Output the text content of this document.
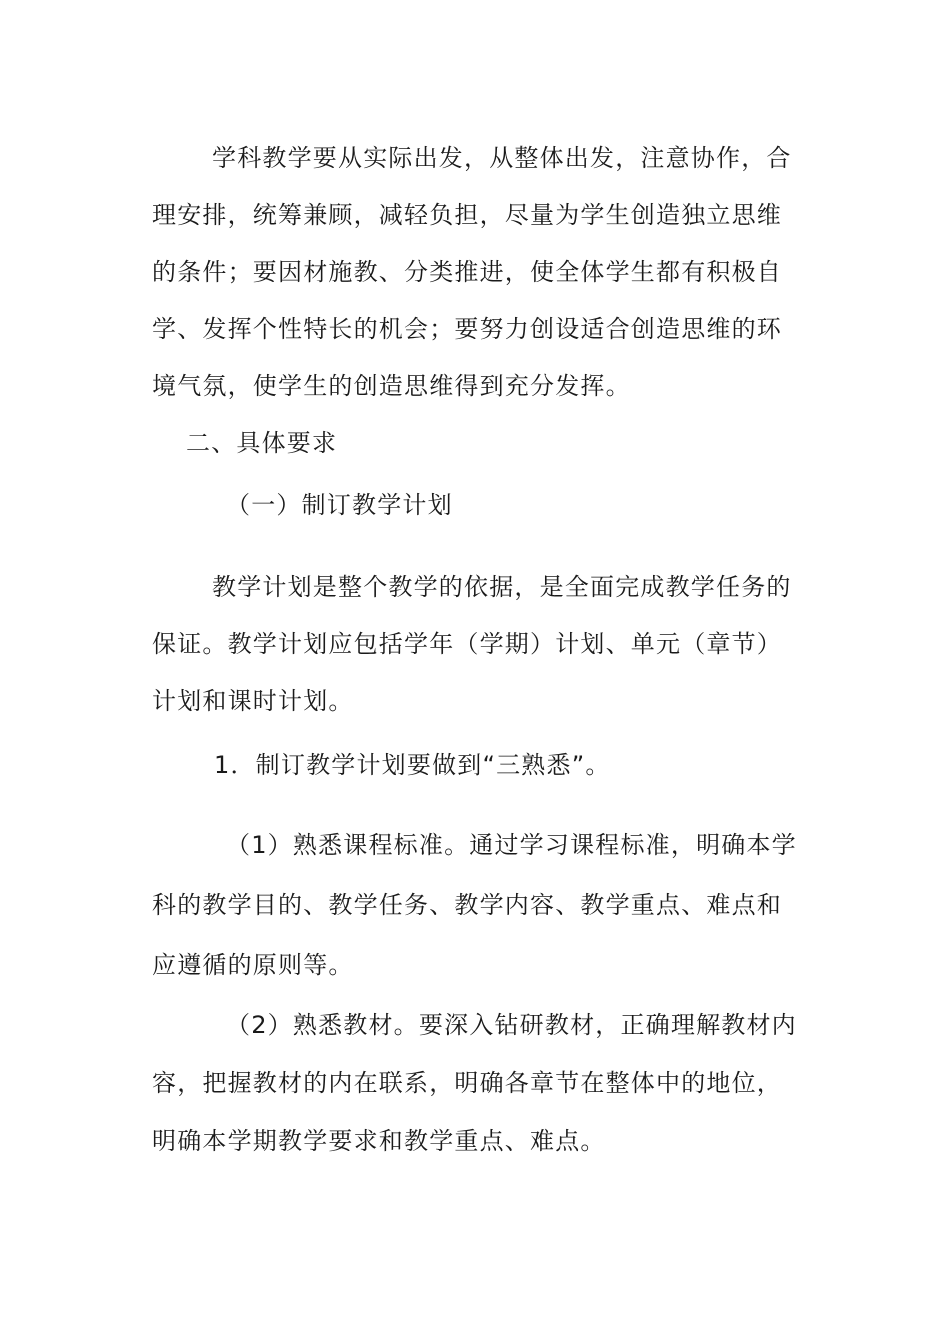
学科教学要从实际出发，从整体出发，注意协作，合
理安排，统筹兼顾，减轻负担，尽量为学生创造独立思维
的条件；要因材施教、分类推进，使全体学生都有积极自
学、发挥个性特长的机会；要努力创设适合创造思维的环
境气氛，使学生的创造思维得到充分发挥。
二、具体要求
（一）制订教学计划
教学计划是整个教学的依据，是全面完成教学任务的
保证。教学计划应包括学年（学期）计划、单元（章节）
计划和课时计划。
1．制订教学计划要做到“三熟悉”。
（1）熟悉课程标准。通过学习课程标准，明确本学
科的教学目的、教学任务、教学内容、教学重点、难点和
应遵循的原则等。
（2）熟悉教材。要深入钻研教材，正确理解教材内
容，把握教材的内在联系，明确各章节在整体中的地位，
明确本学期教学要求和教学重点、难点。
